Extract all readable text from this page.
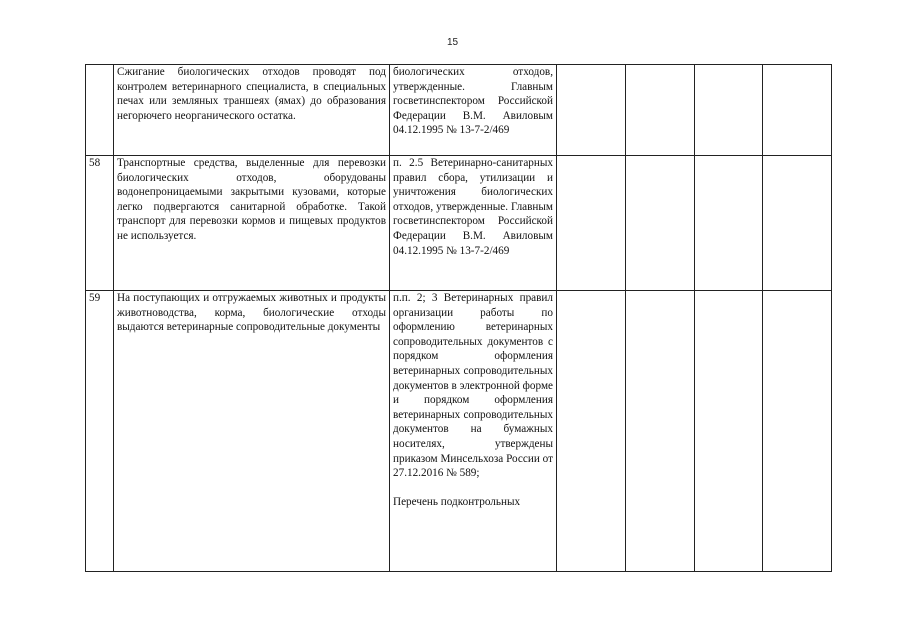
15
	Сжигание биологических отходов проводят под контролем ветеринарного специалиста, в специальных печах или земляных траншеях (ямах) до образования негорючего неорганического остатка.	биологических отходов, утвержденные. Главным госветинспектором Российской Федерации В.М. Авиловым 04.12.1995 № 13-7-2/469				
58	Транспортные средства, выделенные для перевозки биологических отходов, оборудованы водонепроницаемыми закрытыми кузовами, которые легко подвергаются санитарной обработке. Такой транспорт для перевозки кормов и пищевых продуктов не используется.	п. 2.5 Ветеринарно-санитарных правил сбора, утилизации и уничтожения биологических отходов, утвержденные. Главным госветинспектором Российской Федерации В.М. Авиловым 04.12.1995 № 13-7-2/469				
59	На поступающих и отгружаемых животных и продукты животноводства, корма, биологические отходы выдаются ветеринарные сопроводительные документы	п.п. 2; 3 Ветеринарных правил организации работы по оформлению ветеринарных сопроводительных документов с порядком оформления ветеринарных сопроводительных документов в электронной форме и порядком оформления ветеринарных сопроводительных документов на бумажных носителях, утверждены приказом Минсельхоза России от 27.12.2016 № 589;
Перечень подконтрольных				
